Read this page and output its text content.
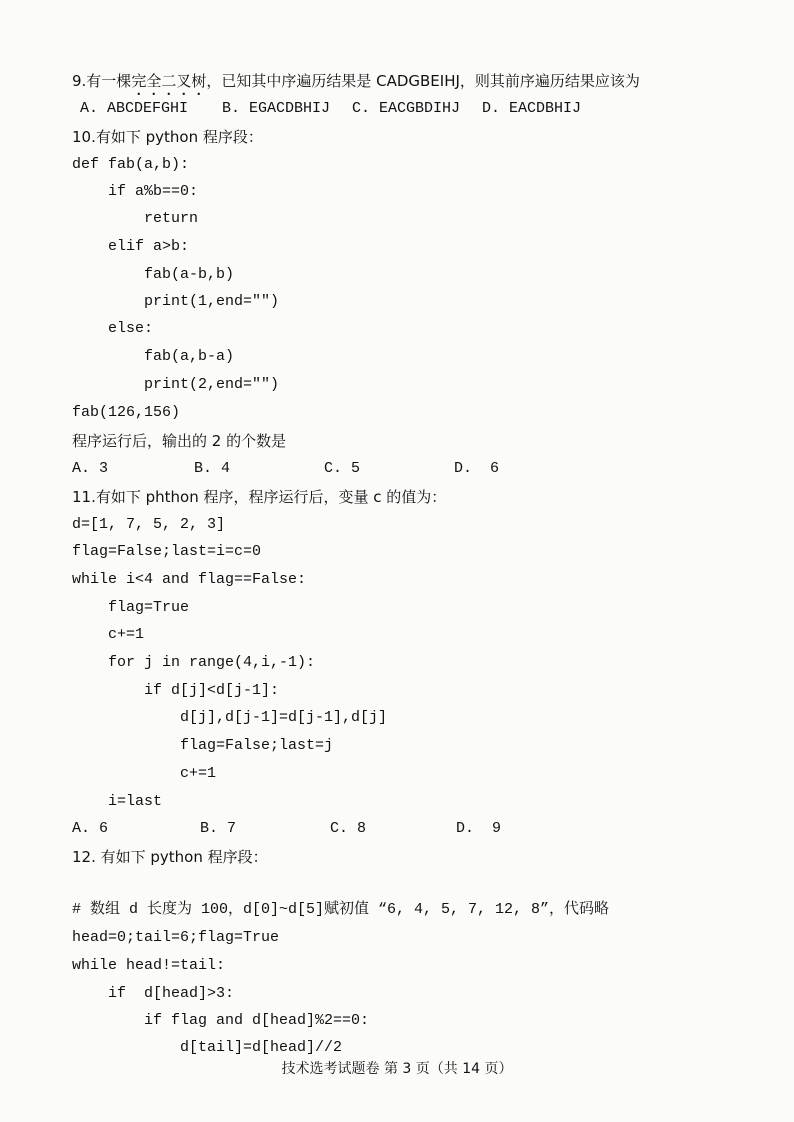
9.有一棵完全二叉树，已知其中序遍历结果是 CADGBEIHJ，则其前序遍历结果应该为
A. ABCDEFGHI B. EGACDBHIJ C. EACGBDIHJ D. EACDBHIJ
10.有如下 python 程序段：
def fab(a,b):
if a%b==0:
return
elif a>b:
fab(a-b,b)
print(1,end="")
else:
fab(a,b-a)
print(2,end="")
fab(126,156)
程序运行后，输出的 2 的个数是
A. 3	B. 4	C. 5	D.  6
11.有如下 phthon 程序，程序运行后，变量 c 的值为：
d=[1, 7, 5, 2, 3]
flag=False;last=i=c=0
while i<4 and flag==False:
flag=True
c+=1
for j in range(4,i,-1):
if d[j]<d[j-1]:
d[j],d[j-1]=d[j-1],d[j]
flag=False;last=j
c+=1
i=last
A. 6	B. 7	C. 8	D.  9
12. 有如下 python 程序段：
# 数组 d 长度为 100，d[0]~d[5]赋初值 “6, 4, 5, 7, 12, 8”，代码略
head=0;tail=6;flag=True
while head!=tail:
if  d[head]>3:
if flag and d[head]%2==0:
d[tail]=d[head]//2
技术选考试题卷 第 3 页（共 14 页）
